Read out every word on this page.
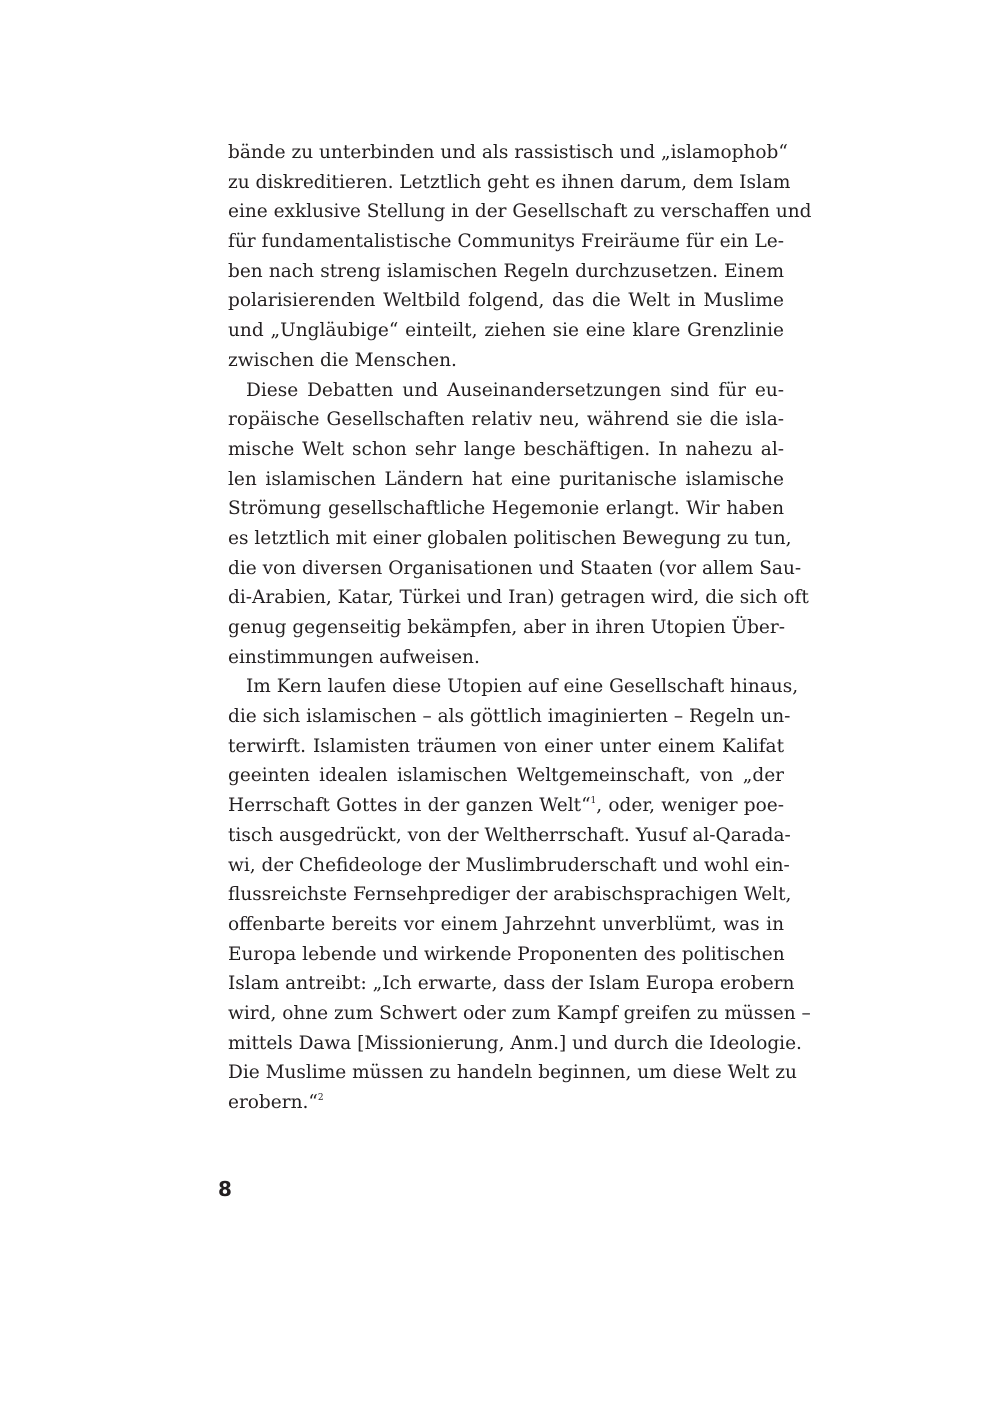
bände zu unterbinden und als rassistisch und „islamophob“
zu diskreditieren. Letztlich geht es ihnen darum, dem Islam
eine exklusive Stellung in der Gesellschaft zu verschaffen und
für fundamentalistische Communitys Freiräume für ein Le-
ben nach streng islamischen Regeln durchzusetzen. Einem
polarisierenden Weltbild folgend, das die Welt in Muslime
und „Ungläubige“ einteilt, ziehen sie eine klare Grenzlinie
zwischen die Menschen.
Diese Debatten und Auseinandersetzungen sind für eu-
ropäische Gesellschaften relativ neu, während sie die isla-
mische Welt schon sehr lange beschäftigen. In nahezu al-
len islamischen Ländern hat eine puritanische islamische
Strömung gesellschaftliche Hegemonie erlangt. Wir haben
es letztlich mit einer globalen politischen Bewegung zu tun,
die von diversen Organisationen und Staaten (vor allem Sau-
di-Arabien, Katar, Türkei und Iran) getragen wird, die sich oft
genug gegenseitig bekämpfen, aber in ihren Utopien Über-
einstimmungen aufweisen.
Im Kern laufen diese Utopien auf eine Gesellschaft hinaus,
die sich islamischen – als göttlich imaginierten – Regeln un-
terwirft. Islamisten träumen von einer unter einem Kalifat
geeinten idealen islamischen Weltgemeinschaft, von „der
Herrschaft Gottes in der ganzen Welt“$^1$, oder, weniger poe-
tisch ausgedrückt, von der Weltherrschaft. Yusuf al-Qarada-
wi, der Chefideologe der Muslimbruderschaft und wohl ein-
flussreichste Fernsehprediger der arabischsprachigen Welt,
offenbarte bereits vor einem Jahrzehnt unverblümt, was in
Europa lebende und wirkende Proponenten des politischen
Islam antreibt: „Ich erwarte, dass der Islam Europa erobern
wird, ohne zum Schwert oder zum Kampf greifen zu müssen –
mittels Dawa [Missionierung, Anm.] und durch die Ideologie.
Die Muslime müssen zu handeln beginnen, um diese Welt zu
erobern.“$^2$
8
